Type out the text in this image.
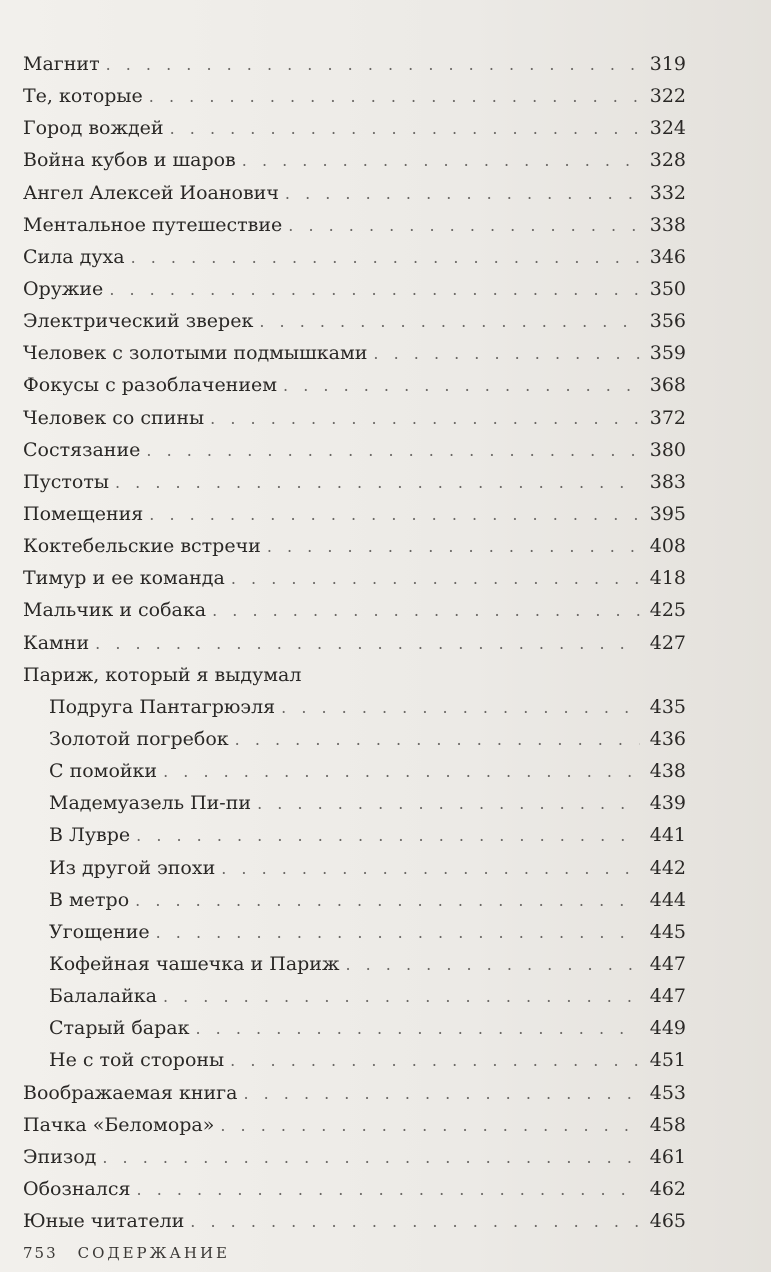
Магнит . . .	319
Те, которые . . .	322
Город вождей . . .	324
Война кубов и шаров . . .	328
Ангел Алексей Иоанович . . .	332
Ментальное путешествие . . .	338
Сила духа . . .	346
Оружие . . .	350
Электрический зверек . . .	356
Человек с золотыми подмышками . . .	359
Фокусы с разоблачением . . .	368
Человек со спины . . .	372
Состязание . . .	380
Пустоты . . .	383
Помещения . . .	395
Коктебельские встречи . . .	408
Тимур и ее команда . . .	418
Мальчик и собака . . .	425
Камни . . .	427
Париж, который я выдумал
Подруга Пантагрюэля . . .	435
Золотой погребок . . .	436
С помойки . . .	438
Мадемуазель Пи-пи . . .	439
В Лувре . . .	441
Из другой эпохи . . .	442
В метро . . .	444
Угощение . . .	445
Кофейная чашечка и Париж . . .	447
Балалайка . . .	447
Старый барак . . .	449
Не с той стороны . . .	451
Воображаемая книга . . .	453
Пачка «Беломора» . . .	458
Эпизод . . .	461
Обознался . . .	462
Юные читатели . . .	465
753 СОДЕРЖАНИЕ
